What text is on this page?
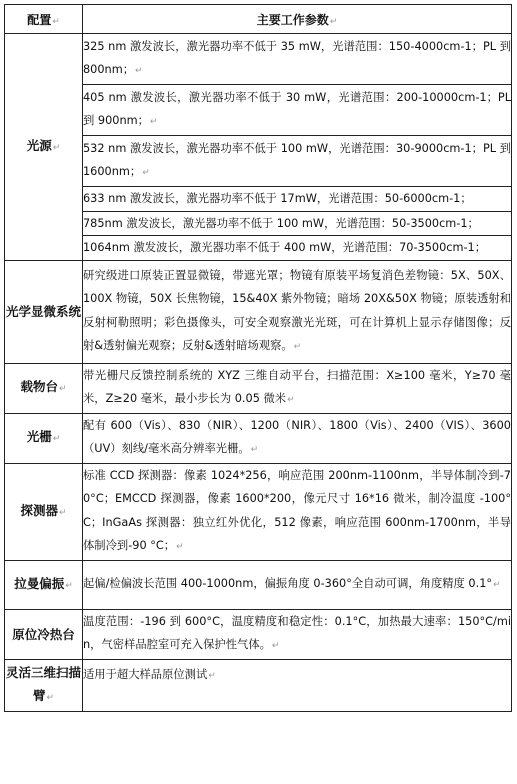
配置↵	主要工作参数↵
光源↵	325 nm 激发波长，激光器功率不低于 35 mW，光谱范围：150-4000cm-1；PL 到 800nm；↵
	405 nm 激发波长，激光器功率不低于 30 mW，光谱范围：200-10000cm-1；PL 到 900nm；↵
	532 nm 激发波长，激光器功率不低于 100 mW，光谱范围：30-9000cm-1；PL 到 1600nm；↵
	633 nm 激发波长，激光器功率不低于 17mW，光谱范围：50-6000cm-1；
	785nm 激发波长，激光器功率不低于 100 mW，光谱范围：50-3500cm-1；
	1064nm 激发波长，激光器功率不低于 400 mW，光谱范围：70-3500cm-1；
光学显微系统	研究级进口原装正置显微镜，带遮光罩；物镜有原装平场复消色差物镜：5X、50X、100X 物镜，50X 长焦物镜，15&40X 紫外物镜；暗场 20X&50X 物镜；原装透射和反射柯勒照明；彩色摄像头，可安全观察激光光斑，可在计算机上显示存储图像；反射&透射偏光观察；反射&透射暗场观察。↵
载物台↵	带光栅尺反馈控制系统的 XYZ 三维自动平台，扫描范围：X≥100 毫米，Y≥70 毫米，Z≥20 毫米，最小步长为 0.05 微米↵
光栅↵	配有 600（Vis）、830（NIR）、1200（NIR）、1800（Vis）、2400（VIS）、3600（UV）刻线/毫米高分辨率光栅。↵
探测器↵	标准 CCD 探测器：像素 1024*256，响应范围 200nm-1100nm，半导体制冷到-70°C；EMCCD 探测器，像素 1600*200，像元尺寸 16*16 微米，制冷温度 -100°C；InGaAs 探测器：独立红外优化，512 像素，响应范围 600nm-1700nm，半导体制冷到-90 °C；↵
拉曼偏振↵	起偏/检偏波长范围 400-1000nm，偏振角度 0-360°全自动可调，角度精度 0.1°↵
原位冷热台	温度范围：-196 到 600°C，温度精度和稳定性：0.1°C，加热最大速率：150°C/min，气密样品腔室可充入保护性气体。↵
灵活三维扫描臂↵	适用于超大样品原位测试↵
